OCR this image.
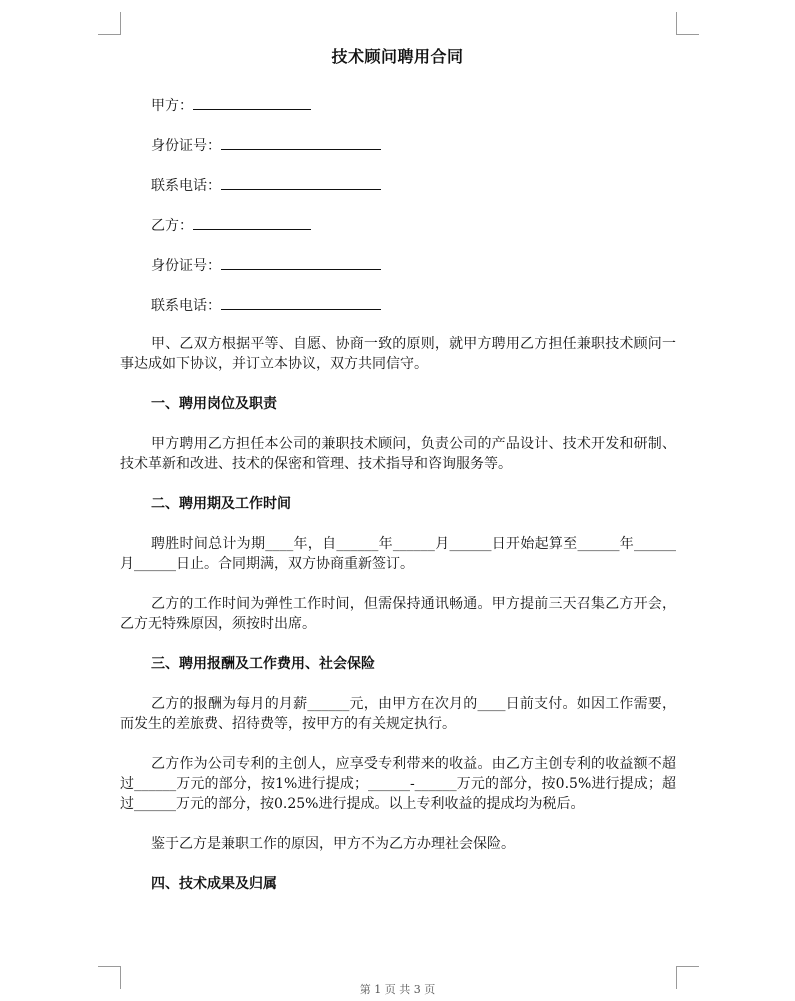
技术顾问聘用合同
甲方：
身份证号：
联系电话：
乙方：
身份证号：
联系电话：

甲、乙双方根据平等、自愿、协商一致的原则，就甲方聘用乙方担任兼职技术顾问一事达成如下协议，并订立本协议，双方共同信守。

一、聘用岗位及职责

甲方聘用乙方担任本公司的兼职技术顾问，负责公司的产品设计、技术开发和研制、技术革新和改进、技术的保密和管理、技术指导和咨询服务等。

二、聘用期及工作时间

聘胜时间总计为期____年，自______年______月______日开始起算至______年______月______日止。合同期满，双方协商重新签订。

乙方的工作时间为弹性工作时间，但需保持通讯畅通。甲方提前三天召集乙方开会，乙方无特殊原因，须按时出席。

三、聘用报酬及工作费用、社会保险

乙方的报酬为每月的月薪______元，由甲方在次月的____日前支付。如因工作需要，而发生的差旅费、招待费等，按甲方的有关规定执行。

乙方作为公司专利的主创人，应享受专利带来的收益。由乙方主创专利的收益额不超过______万元的部分，按1%进行提成；______-______万元的部分，按0.5%进行提成；超过______万元的部分，按0.25%进行提成。以上专利收益的提成均为税后。

鉴于乙方是兼职工作的原因，甲方不为乙方办理社会保险。

四、技术成果及归属

第 1 页 共 3 页
